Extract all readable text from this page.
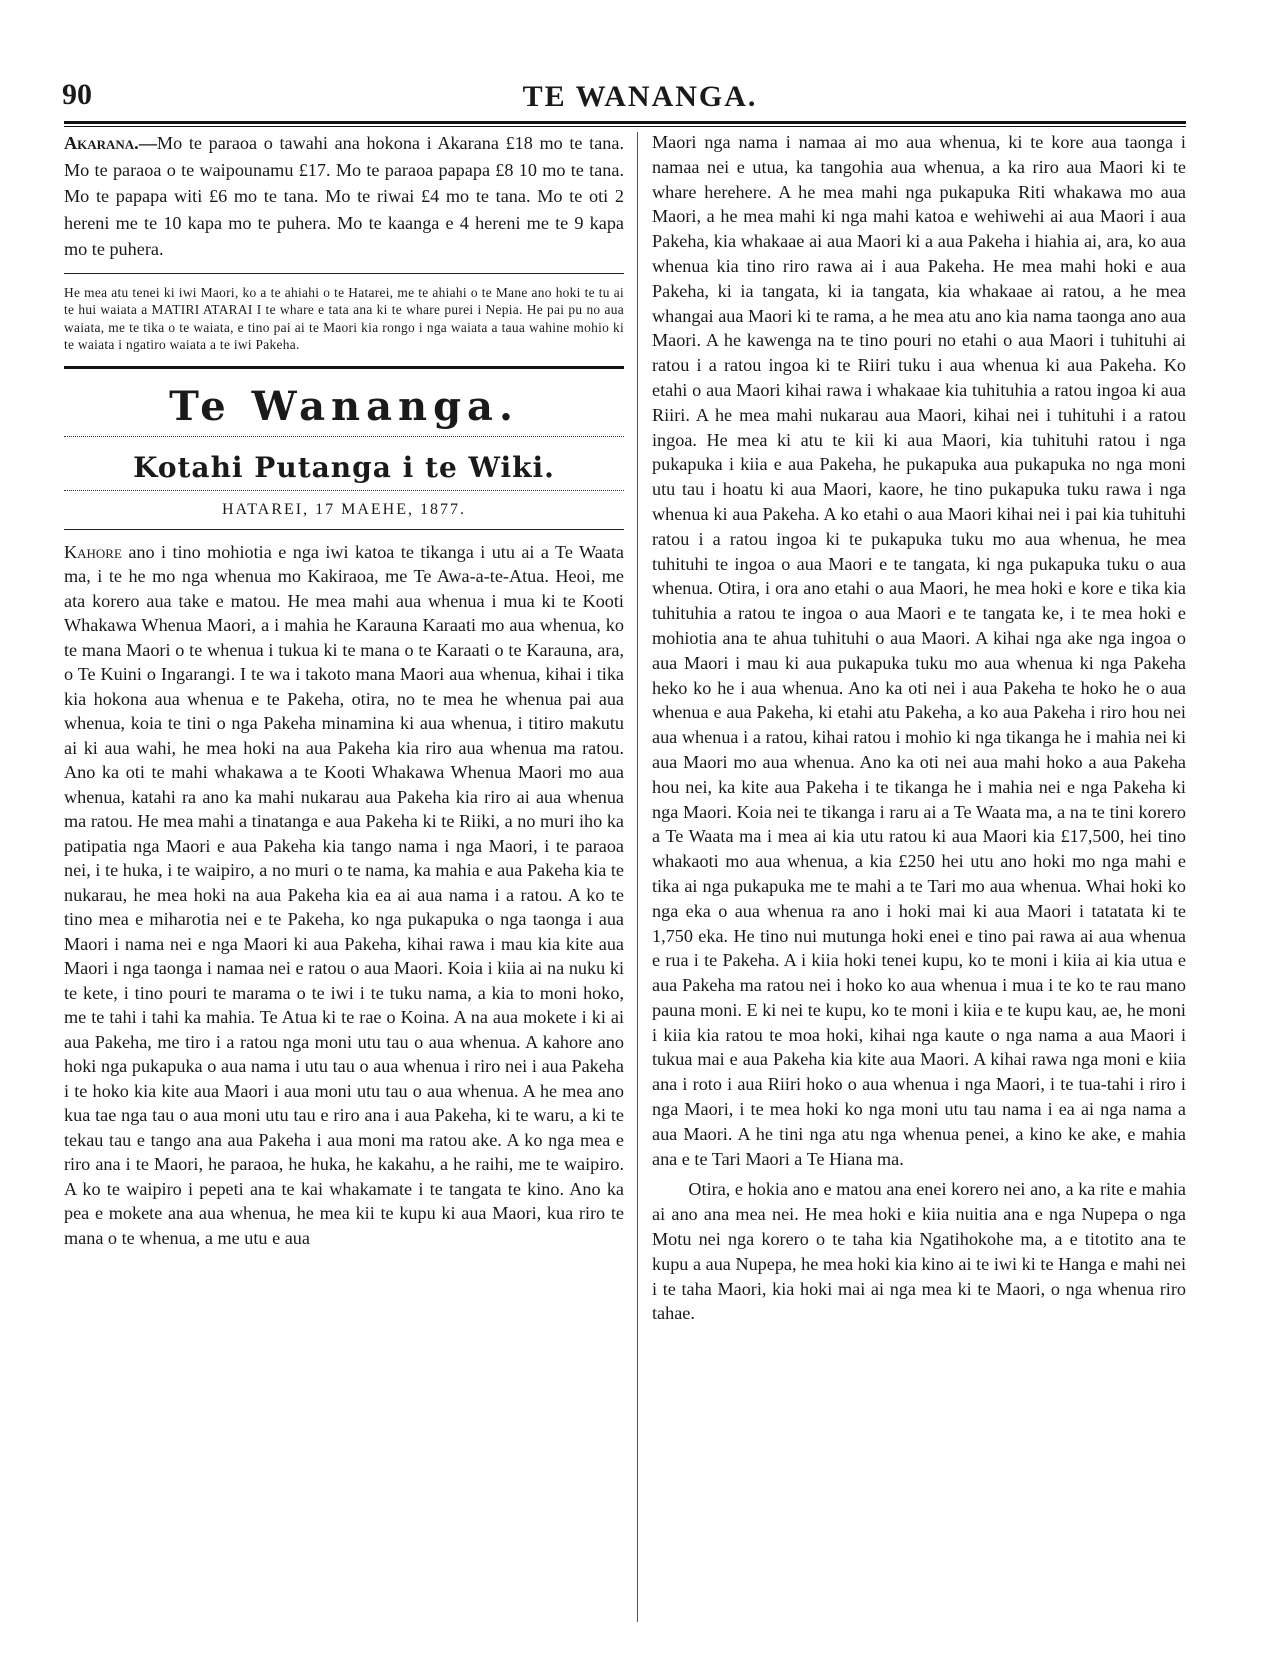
90	TE WANANGA.

Akarana.—Mo te paraoa o tawahi ana hokona i Akarana £18 mo te tana. Mo te paraoa o te waipounamu £17. Mo te paraoa papapa £8 10 mo te tana. Mo te papapa witi £6 mo te tana. Mo te riwai £4 mo te tana. Mo te oti 2 hereni me te 10 kapa mo te puhera. Mo te kaanga e 4 hereni me te 9 kapa mo te puhera.

He mea atu tenei ki iwi Maori, ko a te ahiahi o te Hatarei, me te ahiahi o te Mane ano hoki te tu ai te hui waiata a MATIRI ATARAI I te whare e tata ana ki te whare purei i Nepia. He pai pu no aua waiata, me te tika o te waiata, e tino pai ai te Maori kia rongo i nga waiata a taua wahine mohio ki te waiata i ngatiro waiata a te iwi Pakeha.

Te Wananga.
Kotahi Putanga i te Wiki.
HATAREI, 17 MAEHE, 1877.

Kahore ano i tino mohiotia e nga iwi katoa te tikanga i utu ai a Te Waata ma, i te he mo nga whenua mo Kakiraoa, me Te Awa-a-te-Atua. Heoi, me ata korero aua take e matou. He mea mahi aua whenua i mua ki te Kooti Whakawa Whenua Maori, a i mahia he Karauna Karaati mo aua whenua, ko te mana Maori o te whenua i tukua ki te mana o te Karaati o te Karauna, ara, o Te Kuini o Ingarangi. I te wa i takoto mana Maori aua whenua, kihai i tika kia hokona aua whenua e te Pakeha, otira, no te mea he whenua pai aua whenua, koia te tini o nga Pakeha minamina ki aua whenua, i titiro makutu ai ki aua wahi, he mea hoki na aua Pakeha kia riro aua whenua ma ratou. Ano ka oti te mahi whakawa a te Kooti Whakawa Whenua Maori mo aua whenua, katahi ra ano ka mahi nukarau aua Pakeha kia riro ai aua whenua ma ratou. He mea mahi a tinatanga e aua Pakeha ki te Riiki, a no muri iho ka patipatia nga Maori e aua Pakeha kia tango nama i nga Maori, i te paraoa nei, i te huka, i te waipiro, a no muri o te nama, ka mahia e aua Pakeha kia te nukarau, he mea hoki na aua Pakeha kia ea ai aua nama i a ratou. A ko te tino mea e miharotia nei e te Pakeha, ko nga pukapuka o nga taonga i aua Maori i nama nei e nga Maori ki aua Pakeha, kihai rawa i mau kia kite aua Maori i nga taonga i namaa nei e ratou o aua Maori. Koia i kiia ai na nuku ki te kete, i tino pouri te marama o te iwi i te tuku nama, a kia to moni hoko, me te tahi i tahi ka mahia. Te Atua ki te rae o Koina. A na aua mokete i ki ai aua Pakeha, me tiro i a ratou nga moni utu tau o aua whenua. A kahore ano hoki nga pukapuka o aua nama i utu tau o aua whenua i riro nei i aua Pakeha i te hoko kia kite aua Maori i aua moni utu tau o aua whenua. A he mea ano kua tae nga tau o aua moni utu tau e riro ana i aua Pakeha, ki te waru, a ki te tekau tau e tango ana aua Pakeha i aua moni ma ratou ake. A ko nga mea e riro ana i te Maori, he paraoa, he huka, he kakahu, a he raihi, me te waipiro. A ko te waipiro i pepeti ana te kai whakamate i te tangata te kino. Ano ka pea e mokete ana aua whenua, he mea kii te kupu ki aua Maori, kua riro te mana o te whenua, a me utu e aua

Maori nga nama i namaa ai mo aua whenua, ki te kore aua taonga i namaa nei e utua, ka tangohia aua whenua, a ka riro aua Maori ki te whare herehere. A he mea mahi nga pukapuka Riti whakawa mo aua Maori, a he mea mahi ki nga mahi katoa e wehiwehi ai aua Maori i aua Pakeha, kia whakaae ai aua Maori ki a aua Pakeha i hiahia ai, ara, ko aua whenua kia tino riro rawa ai i aua Pakeha. He mea mahi hoki e aua Pakeha, ki ia tangata, ki ia tangata, kia whakaae ai ratou, a he mea whangai aua Maori ki te rama, a he mea atu ano kia nama taonga ano aua Maori. A he kawenga na te tino pouri no etahi o aua Maori i tuhituhi ai ratou i a ratou ingoa ki te Riiri tuku i aua whenua ki aua Pakeha. Ko etahi o aua Maori kihai rawa i whakaae kia tuhituhia a ratou ingoa ki aua Riiri. A he mea mahi nukarau aua Maori, kihai nei i tuhituhi i a ratou ingoa. He mea ki atu te kii ki aua Maori, kia tuhituhi ratou i nga pukapuka i kiia e aua Pakeha, he pukapuka aua pukapuka no nga moni utu tau i hoatu ki aua Maori, kaore, he tino pukapuka tuku rawa i nga whenua ki aua Pakeha. A ko etahi o aua Maori kihai nei i pai kia tuhituhi ratou i a ratou ingoa ki te pukapuka tuku mo aua whenua, he mea tuhituhi te ingoa o aua Maori e te tangata, ki nga pukapuka tuku o aua whenua. Otira, i ora ano etahi o aua Maori, he mea hoki e kore e tika kia tuhituhia a ratou te ingoa o aua Maori e te tangata ke, i te mea hoki e mohiotia ana te ahua tuhituhi o aua Maori. A kihai nga ake nga ingoa o aua Maori i mau ki aua pukapuka tuku mo aua whenua ki nga Pakeha heko ko he i aua whenua. Ano ka oti nei i aua Pakeha te hoko he o aua whenua e aua Pakeha, ki etahi atu Pakeha, a ko aua Pakeha i riro hou nei aua whenua i a ratou, kihai ratou i mohio ki nga tikanga he i mahia nei ki aua Maori mo aua whenua. Ano ka oti nei aua mahi hoko a aua Pakeha hou nei, ka kite aua Pakeha i te tikanga he i mahia nei e nga Pakeha ki nga Maori. Koia nei te tikanga i raru ai a Te Waata ma, a na te tini korero a Te Waata ma i mea ai kia utu ratou ki aua Maori kia £17,500, hei tino whakaoti mo aua whenua, a kia £250 hei utu ano hoki mo nga mahi e tika ai nga pukapuka me te mahi a te Tari mo aua whenua. Whai hoki ko nga eka o aua whenua ra ano i hoki mai ki aua Maori i tatatata ki te 1,750 eka. He tino nui mutunga hoki enei e tino pai rawa ai aua whenua e rua i te Pakeha. A i kiia hoki tenei kupu, ko te moni i kiia ai kia utua e aua Pakeha ma ratou nei i hoko ko aua whenua i mua i te ko te rau mano pauna moni. E ki nei te kupu, ko te moni i kiia e te kupu kau, ae, he moni i kiia kia ratou te moa hoki, kihai nga kaute o nga nama a aua Maori i tukua mai e aua Pakeha kia kite aua Maori. A kihai rawa nga moni e kiia ana i roto i aua Riiri hoko o aua whenua i nga Maori, i te tua-tahi i riro i nga Maori, i te mea hoki ko nga moni utu tau nama i ea ai nga nama a aua Maori. A he tini nga atu nga whenua penei, a kino ke ake, e mahia ana e te Tari Maori a Te Hiana ma.

Otira, e hokia ano e matou ana enei korero nei ano, a ka rite e mahia ai ano ana mea nei. He mea hoki e kiia nuitia ana e nga Nupepa o nga Motu nei nga korero o te taha kia Ngatihokohe ma, a e titotito ana te kupu a aua Nupepa, he mea hoki kia kino ai te iwi ki te Hanga e mahi nei i te taha Maori, kia hoki mai ai nga mea ki te Maori, o nga whenua riro tahae.
